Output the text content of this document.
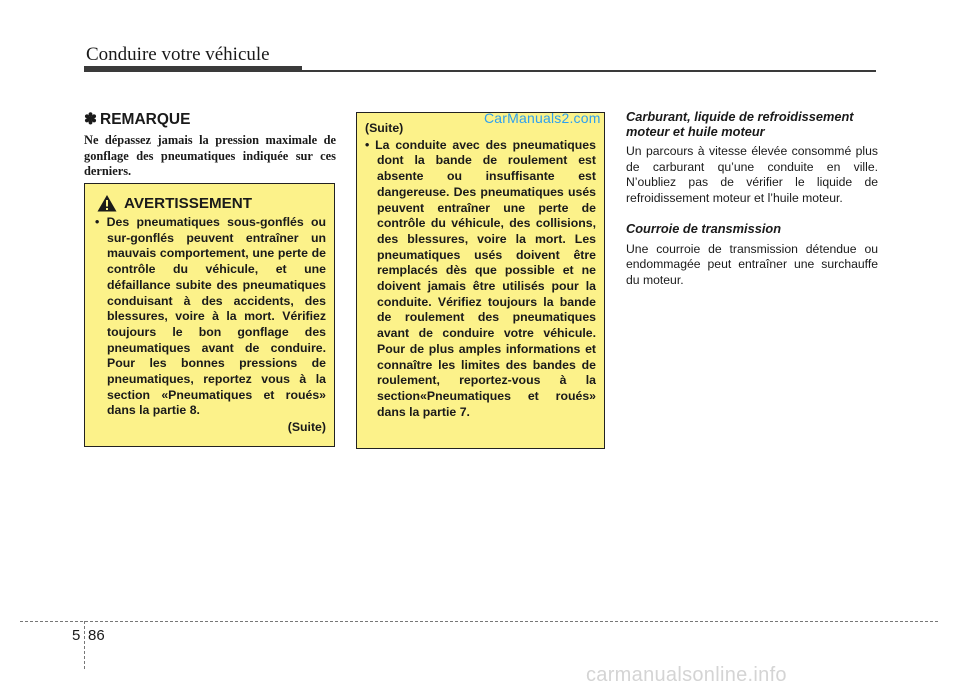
Conduire votre véhicule
✽ REMARQUE
Ne dépassez jamais la pression maximale de gonflage des pneumatiques indiquée sur ces derniers.
AVERTISSEMENT
• Des pneumatiques sous-gonflés ou sur-gonflés peuvent entraîner un mauvais comportement, une perte de contrôle du véhicule, et une défaillance subite des pneumatiques conduisant à des accidents, des blessures, voire à la mort. Vérifiez toujours le bon gonflage des pneumatiques avant de conduire. Pour les bonnes pressions de pneumatiques, reportez vous à la section «Pneumatiques et roués» dans la partie 8.
(Suite)
(Suite)
• La conduite avec des pneumatiques dont la bande de roulement est absente ou insuffisante est dangereuse. Des pneumatiques usés peuvent entraîner une perte de contrôle du véhicule, des collisions, des blessures, voire la mort. Les pneumatiques usés doivent être remplacés dès que possible et ne doivent jamais être utilisés pour la conduite. Vérifiez toujours la bande de roulement des pneumatiques avant de conduire votre véhicule. Pour de plus amples informations et connaître les limites des bandes de roulement, reportez-vous à la section«Pneumatiques et roués» dans la partie 7.
CarManuals2.com Carburant, liquide de refroidissement moteur et huile moteur
Un parcours à vitesse élevée consommé plus de carburant qu’une conduite en ville. N’oubliez pas de vérifier le liquide de refroidissement moteur et l’huile moteur.
Courroie de transmission
Une courroie de transmission détendue ou endommagée peut entraîner une surchauffe du moteur.
5 86
carmanualsonline.info
